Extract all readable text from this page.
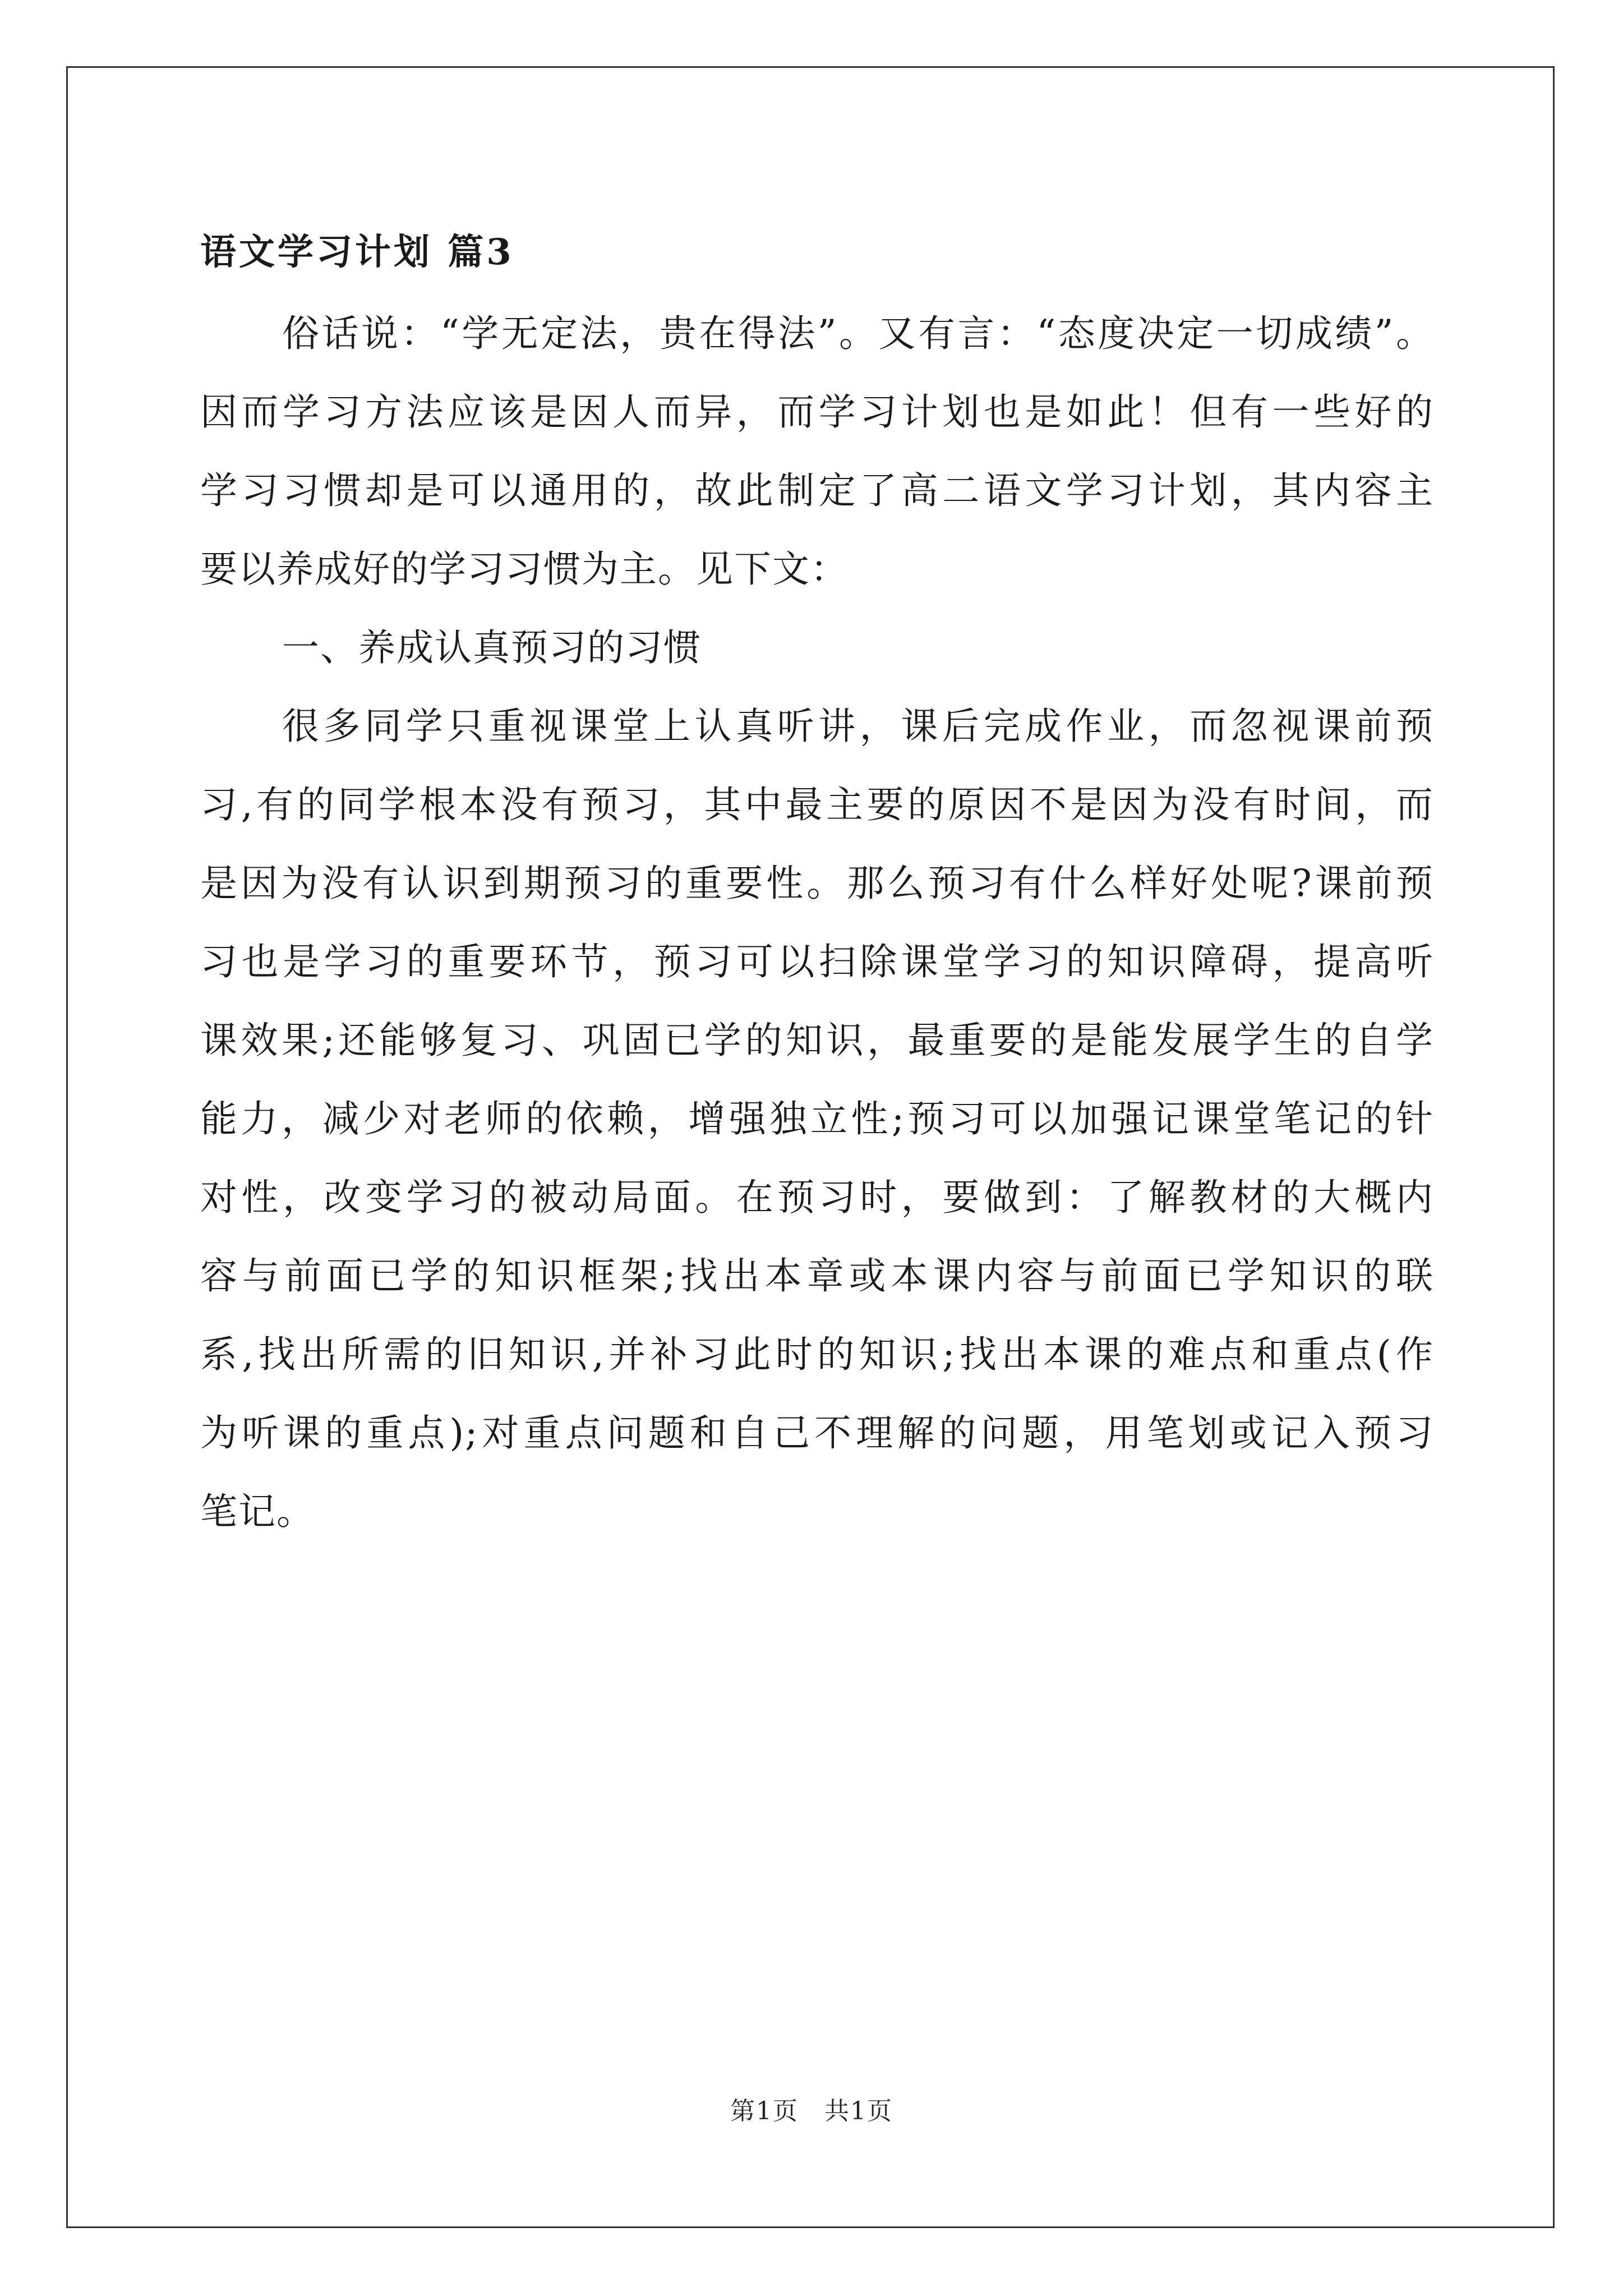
语文学习计划 篇3

俗话说：“学无定法，贵在得法”。又有言：“态度决定一切成绩”。
因而学习方法应该是因人而异，而学习计划也是如此！但有一些好的
学习习惯却是可以通用的，故此制定了高二语文学习计划，其内容主
要以养成好的学习习惯为主。见下文：

一、养成认真预习的习惯

很多同学只重视课堂上认真听讲，课后完成作业，而忽视课前预
习,有的同学根本没有预习，其中最主要的原因不是因为没有时间，而
是因为没有认识到期预习的重要性。那么预习有什么样好处呢?课前预
习也是学习的重要环节，预习可以扫除课堂学习的知识障碍，提高听
课效果;还能够复习、巩固已学的知识，最重要的是能发展学生的自学
能力，减少对老师的依赖，增强独立性;预习可以加强记课堂笔记的针
对性，改变学习的被动局面。在预习时，要做到：了解教材的大概内
容与前面已学的知识框架;找出本章或本课内容与前面已学知识的联
系,找出所需的旧知识,并补习此时的知识;找出本课的难点和重点(作
为听课的重点);对重点问题和自己不理解的问题，用笔划或记入预习
笔记。

第1页　共1页
